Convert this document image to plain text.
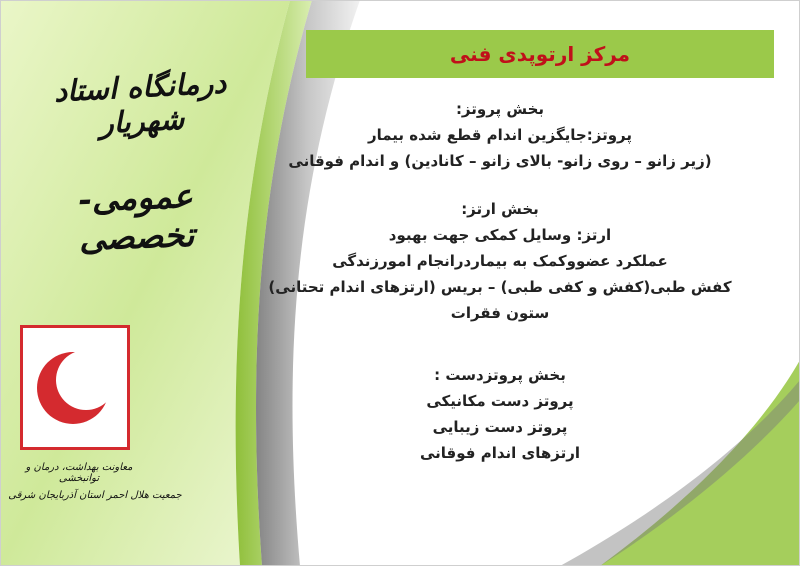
مرکز ارتوپدی فنی
درمانگاه استاد شهریار
عمومی- تخصصی
معاونت بهداشت، درمان و توانبخشی
جمعیت هلال احمر استان آذربایجان شرقی
بخش پروتز:
پروتز:جایگزین اندام قطع شده بیمار
(زیر زانو – روی زانو- بالای زانو – کانادین) و اندام فوقانی
بخش ارتز:
ارتز: وسایل کمکی جهت بهبود
عملکرد عضووکمک به بیماردرانجام امورزندگی
کفش طبی(کفش و کفی طبی) – بریس (ارتزهای اندام تحتانی)
ستون فقرات
بخش پروتزدست :
پروتز دست مکانیکی
پروتز دست زیبایی
ارتزهای اندام فوقانی
